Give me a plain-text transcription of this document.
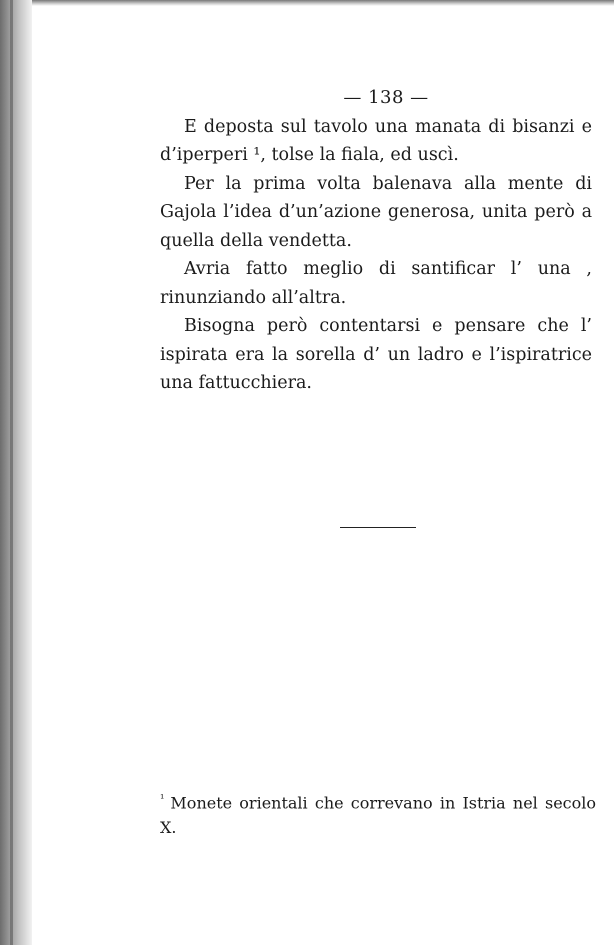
— 138 —

E deposta sul tavolo una manata di bisanzi e d’iperperi ¹, tolse la fiala, ed uscì.

Per la prima volta balenava alla mente di Gajola l’idea d’un’azione generosa, unita però a quella della vendetta.

Avria fatto meglio di santificar l’ una , rinunziando all’altra.

Bisogna però contentarsi e pensare che l’ ispirata era la sorella d’ un ladro e l’ispiratrice una fattucchiera.

$^{^1}$ Monete orientali che correvano in Istria nel secolo X.
